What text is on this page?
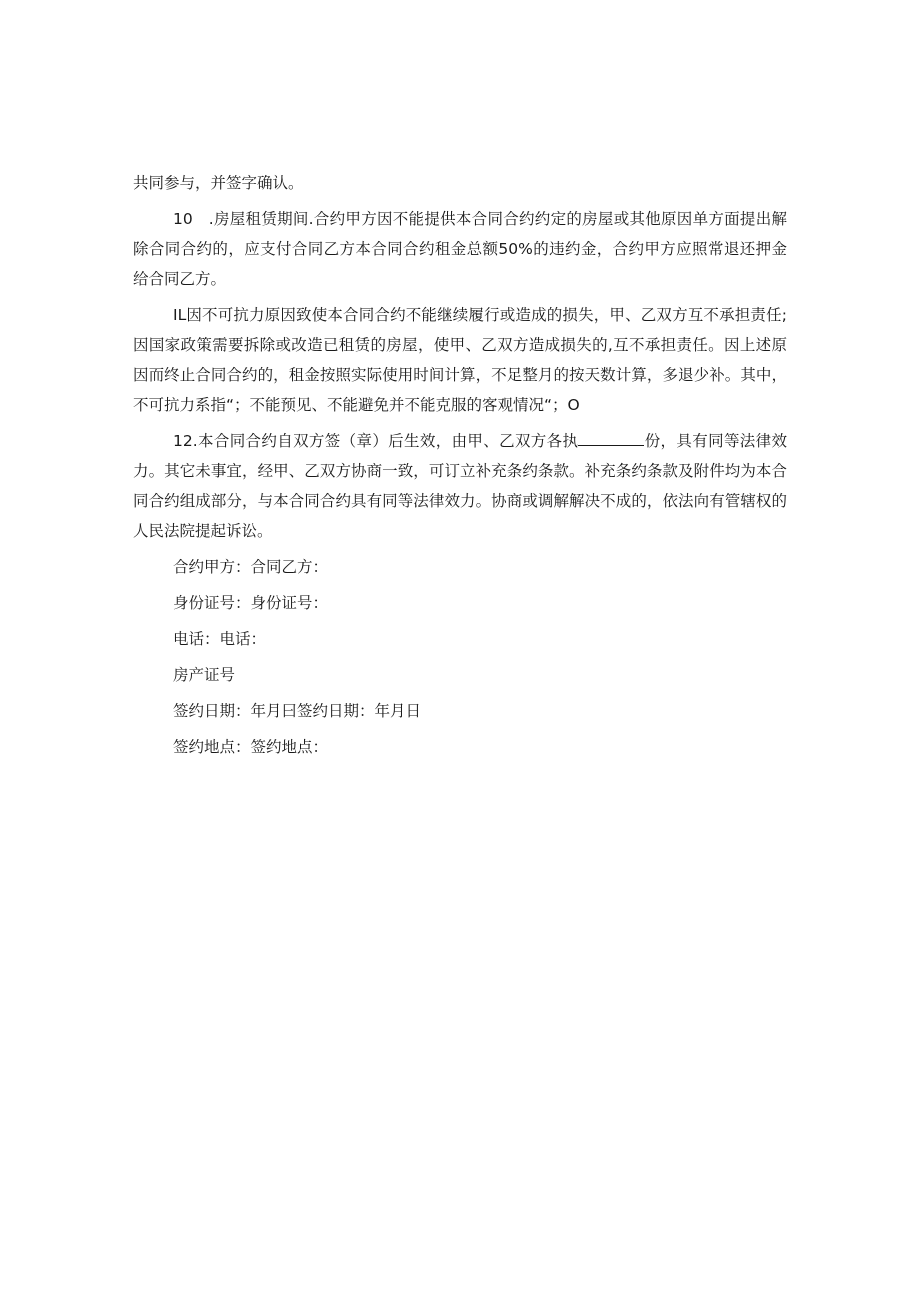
共同参与，并签字确认。

10　.房屋租赁期间.合约甲方因不能提供本合同合约约定的房屋或其他原因单方面提出解除合同合约的，应支付合同乙方本合同合约租金总额50%的违约金，合约甲方应照常退还押金给合同乙方。

IL因不可抗力原因致使本合同合约不能继续履行或造成的损失，甲、乙双方互不承担责任;因国家政策需要拆除或改造已租赁的房屋，使甲、乙双方造成损失的,互不承担责任。因上述原因而终止合同合约的，租金按照实际使用时间计算，不足整月的按天数计算，多退少补。其中，不可抗力系指“；不能预见、不能避免并不能克服的客观情况“；O

12.本合同合约自双方签（章）后生效，由甲、乙双方各执	份，具有同等法律效力。其它未事宜，经甲、乙双方协商一致，可订立补充条约条款。补充条约条款及附件均为本合同合约组成部分，与本合同合约具有同等法律效力。协商或调解解决不成的，依法向有管辖权的人民法院提起诉讼。

合约甲方：合同乙方：
身份证号：身份证号：
电话：电话：
房产证号
签约日期：年月曰签约日期：年月日
签约地点：签约地点：
